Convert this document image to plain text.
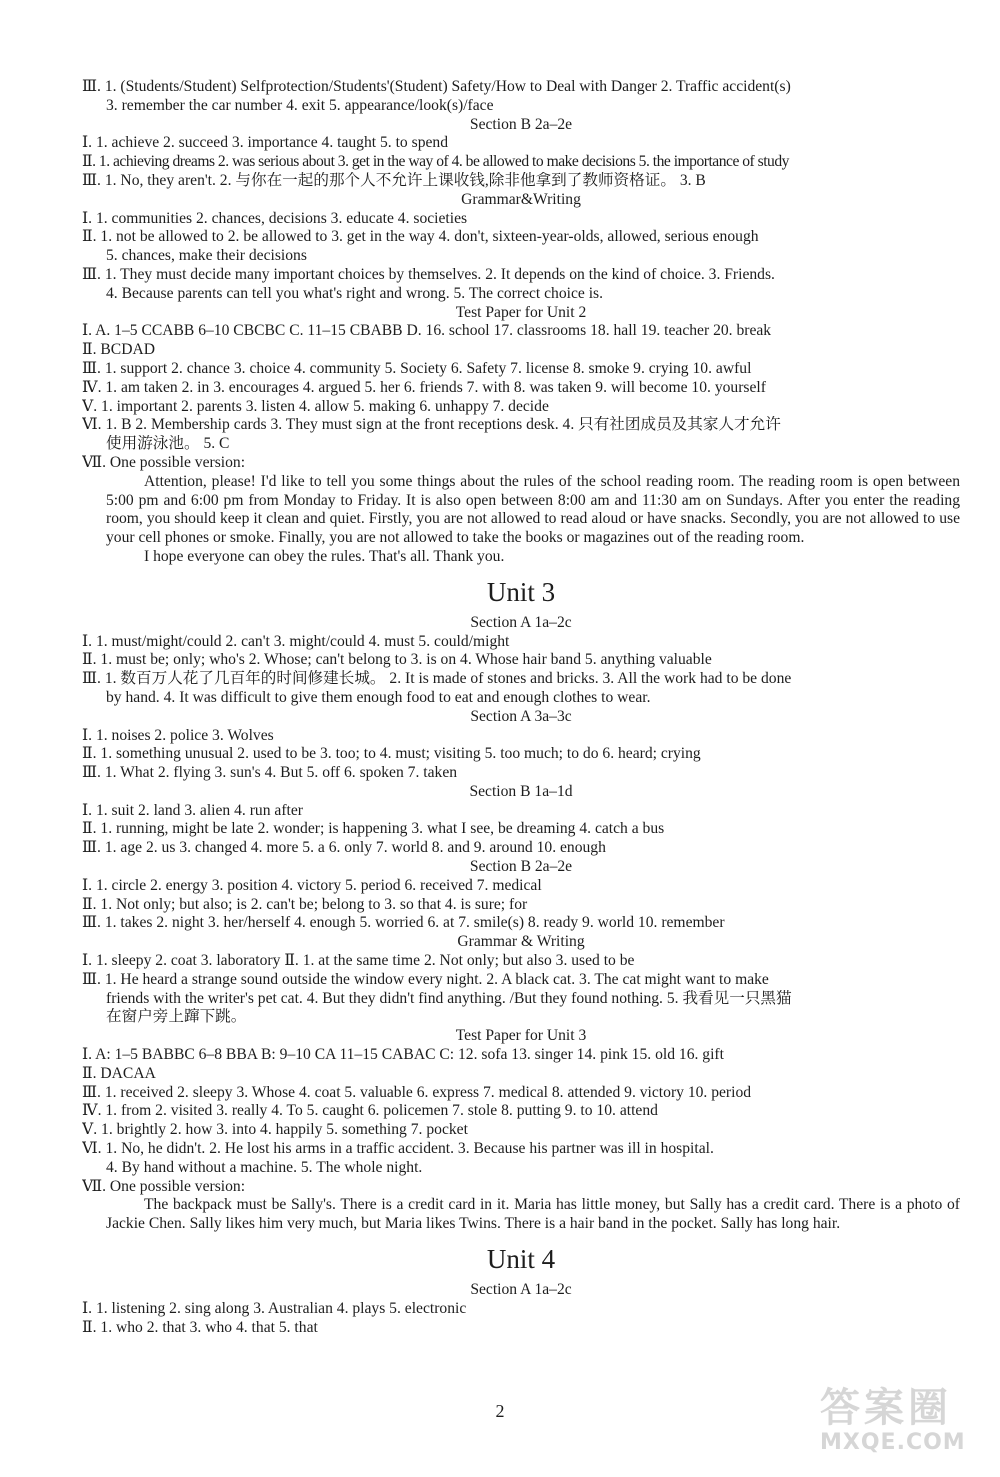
Ⅲ. 1. (Students/Student) Selfprotection/Students'(Student) Safety/How to Deal with Danger 2. Traffic accident(s)
3. remember the car number 4. exit 5. appearance/look(s)/face
Section B 2a–2e
Ⅰ. 1. achieve 2. succeed 3. importance 4. taught 5. to spend
Ⅱ. 1. achieving dreams 2. was serious about 3. get in the way of 4. be allowed to make decisions 5. the importance of study
Ⅲ. 1. No, they aren't. 2. 与你在一起的那个人不允许上课收钱,除非他拿到了教师资格证。 3. B
Grammar&Writing
Ⅰ. 1. communities 2. chances, decisions 3. educate 4. societies
Ⅱ. 1. not be allowed to 2. be allowed to 3. get in the way 4. don't, sixteen-year-olds, allowed, serious enough
5. chances, make their decisions
Ⅲ. 1. They must decide many important choices by themselves. 2. It depends on the kind of choice. 3. Friends.
4. Because parents can tell you what's right and wrong. 5. The correct choice is.
Test Paper for Unit 2
Ⅰ. A. 1–5 CCABB 6–10 CBCBC C. 11–15 CBABB D. 16. school 17. classrooms 18. hall 19. teacher 20. break
Ⅱ. BCDAD
Ⅲ. 1. support 2. chance 3. choice 4. community 5. Society 6. Safety 7. license 8. smoke 9. crying 10. awful
Ⅳ. 1. am taken 2. in 3. encourages 4. argued 5. her 6. friends 7. with 8. was taken 9. will become 10. yourself
Ⅴ. 1. important 2. parents 3. listen 4. allow 5. making 6. unhappy 7. decide
Ⅵ. 1. B 2. Membership cards 3. They must sign at the front receptions desk. 4. 只有社团成员及其家人才允许
使用游泳池。 5. C
Ⅶ. One possible version:
Attention, please! I'd like to tell you some things about the rules of the school reading room. The reading room is open between 5:00 pm and 6:00 pm from Monday to Friday. It is also open between 8:00 am and 11:30 am on Sundays. After you enter the reading room, you should keep it clean and quiet. Firstly, you are not allowed to read aloud or have snacks. Secondly, you are not allowed to use your cell phones or smoke. Finally, you are not allowed to take the books or magazines out of the reading room.
I hope everyone can obey the rules. That's all. Thank you.
Unit 3
Section A 1a–2c
Ⅰ. 1. must/might/could 2. can't 3. might/could 4. must 5. could/might
Ⅱ. 1. must be; only; who's 2. Whose; can't belong to 3. is on 4. Whose hair band 5. anything valuable
Ⅲ. 1. 数百万人花了几百年的时间修建长城。 2. It is made of stones and bricks. 3. All the work had to be done
by hand. 4. It was difficult to give them enough food to eat and enough clothes to wear.
Section A 3a–3c
Ⅰ. 1. noises 2. police 3. Wolves
Ⅱ. 1. something unusual 2. used to be 3. too; to 4. must; visiting 5. too much; to do 6. heard; crying
Ⅲ. 1. What 2. flying 3. sun's 4. But 5. off 6. spoken 7. taken
Section B 1a–1d
Ⅰ. 1. suit 2. land 3. alien 4. run after
Ⅱ. 1. running, might be late 2. wonder; is happening 3. what I see, be dreaming 4. catch a bus
Ⅲ. 1. age 2. us 3. changed 4. more 5. a 6. only 7. world 8. and 9. around 10. enough
Section B 2a–2e
Ⅰ. 1. circle 2. energy 3. position 4. victory 5. period 6. received 7. medical
Ⅱ. 1. Not only; but also; is 2. can't be; belong to 3. so that 4. is sure; for
Ⅲ. 1. takes 2. night 3. her/herself 4. enough 5. worried 6. at 7. smile(s) 8. ready 9. world 10. remember
Grammar & Writing
Ⅰ. 1. sleepy 2. coat 3. laboratory Ⅱ. 1. at the same time 2. Not only; but also 3. used to be
Ⅲ. 1. He heard a strange sound outside the window every night. 2. A black cat. 3. The cat might want to make
friends with the writer's pet cat. 4. But they didn't find anything. /But they found nothing. 5. 我看见一只黑猫
在窗户旁上蹿下跳。
Test Paper for Unit 3
Ⅰ. A: 1–5 BABBC 6–8 BBA B: 9–10 CA 11–15 CABAC C: 12. sofa 13. singer 14. pink 15. old 16. gift
Ⅱ. DACAA
Ⅲ. 1. received 2. sleepy 3. Whose 4. coat 5. valuable 6. express 7. medical 8. attended 9. victory 10. period
Ⅳ. 1. from 2. visited 3. really 4. To 5. caught 6. policemen 7. stole 8. putting 9. to 10. attend
Ⅴ. 1. brightly 2. how 3. into 4. happily 5. something 7. pocket
Ⅵ. 1. No, he didn't. 2. He lost his arms in a traffic accident. 3. Because his partner was ill in hospital.
4. By hand without a machine. 5. The whole night.
Ⅶ. One possible version:
The backpack must be Sally's. There is a credit card in it. Maria has little money, but Sally has a credit card. There is a photo of Jackie Chen. Sally likes him very much, but Maria likes Twins. There is a hair band in the pocket. Sally has long hair.
Unit 4
Section A 1a–2c
Ⅰ. 1. listening 2. sing along 3. Australian 4. plays 5. electronic
Ⅱ. 1. who 2. that 3. who 4. that 5. that
2	答案圈
MXQE.COM
